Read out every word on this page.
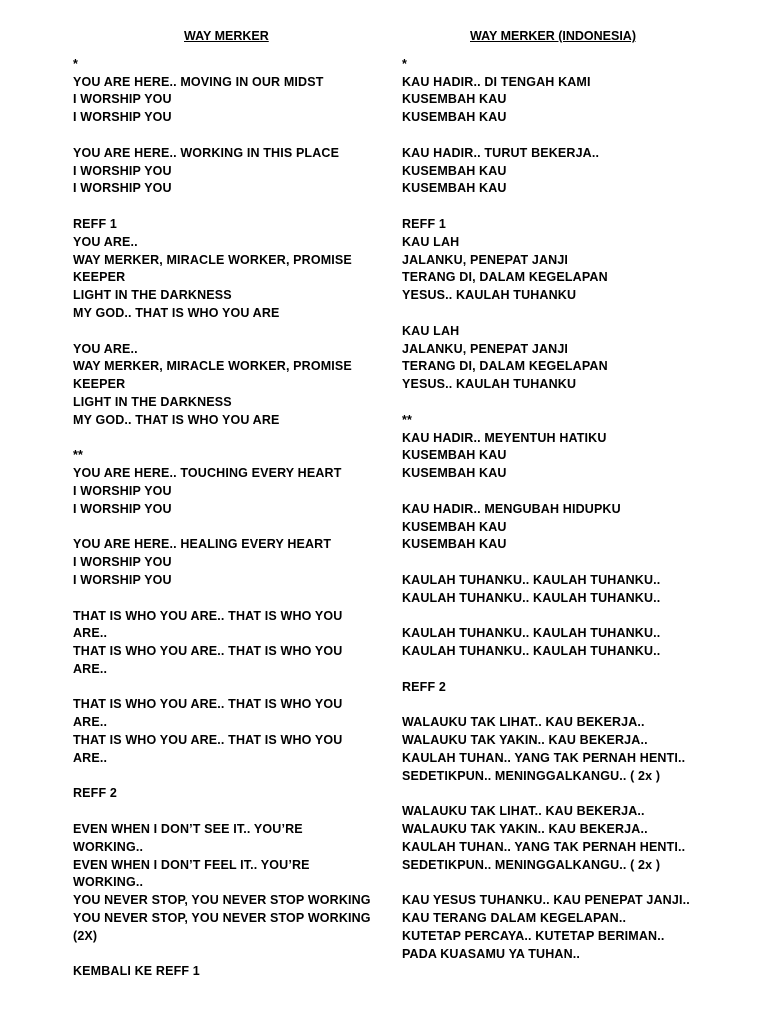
WAY MERKER
*
YOU ARE HERE.. MOVING IN OUR MIDST
I WORSHIP YOU
I WORSHIP YOU
YOU ARE HERE.. WORKING IN THIS PLACE
I WORSHIP YOU
I WORSHIP YOU
REFF 1
YOU ARE..
WAY MERKER, MIRACLE WORKER, PROMISE
KEEPER
LIGHT IN THE DARKNESS
MY GOD.. THAT IS WHO YOU ARE
YOU ARE..
WAY MERKER, MIRACLE WORKER, PROMISE
KEEPER
LIGHT IN THE DARKNESS
MY GOD.. THAT IS WHO YOU ARE
**
YOU ARE HERE.. TOUCHING EVERY HEART
I WORSHIP YOU
I WORSHIP YOU
YOU ARE HERE.. HEALING EVERY HEART
I WORSHIP YOU
I WORSHIP YOU
THAT IS WHO YOU ARE.. THAT IS WHO YOU
ARE..
THAT IS WHO YOU ARE.. THAT IS WHO YOU
ARE..
THAT IS WHO YOU ARE.. THAT IS WHO YOU
ARE..
THAT IS WHO YOU ARE.. THAT IS WHO YOU
ARE..
REFF 2
EVEN WHEN I DON’T SEE IT.. YOU’RE
WORKING..
EVEN WHEN I DON’T FEEL IT.. YOU’RE
WORKING..
YOU NEVER STOP, YOU NEVER STOP WORKING
YOU NEVER STOP, YOU NEVER STOP WORKING
(2X)
KEMBALI KE REFF 1
WAY MERKER (INDONESIA)
*
KAU HADIR.. DI TENGAH KAMI
KUSEMBAH KAU
KUSEMBAH KAU
KAU HADIR.. TURUT BEKERJA..
KUSEMBAH KAU
KUSEMBAH KAU
REFF 1
KAU LAH
JALANKU, PENEPAT JANJI
TERANG DI, DALAM KEGELAPAN
YESUS.. KAULAH TUHANKU
KAU LAH
JALANKU, PENEPAT JANJI
TERANG DI, DALAM KEGELAPAN
YESUS.. KAULAH TUHANKU
**
KAU HADIR.. MEYENTUH HATIKU
KUSEMBAH KAU
KUSEMBAH KAU
KAU HADIR.. MENGUBAH HIDUPKU
KUSEMBAH KAU
KUSEMBAH KAU
KAULAH TUHANKU.. KAULAH TUHANKU..
KAULAH TUHANKU.. KAULAH TUHANKU..
KAULAH TUHANKU.. KAULAH TUHANKU..
KAULAH TUHANKU.. KAULAH TUHANKU..
REFF 2
WALAUKU TAK LIHAT.. KAU BEKERJA..
WALAUKU TAK YAKIN.. KAU BEKERJA..
KAULAH TUHAN.. YANG TAK PERNAH HENTI..
SEDETIKPUN.. MENINGGALKANGU.. ( 2x )
WALAUKU TAK LIHAT.. KAU BEKERJA..
WALAUKU TAK YAKIN.. KAU BEKERJA..
KAULAH TUHAN.. YANG TAK PERNAH HENTI..
SEDETIKPUN.. MENINGGALKANGU.. ( 2x )
KAU YESUS TUHANKU.. KAU PENEPAT JANJI..
KAU TERANG DALAM KEGELAPAN..
KUTETAP PERCAYA.. KUTETAP BERIMAN..
PADA KUASAMU YA TUHAN..
